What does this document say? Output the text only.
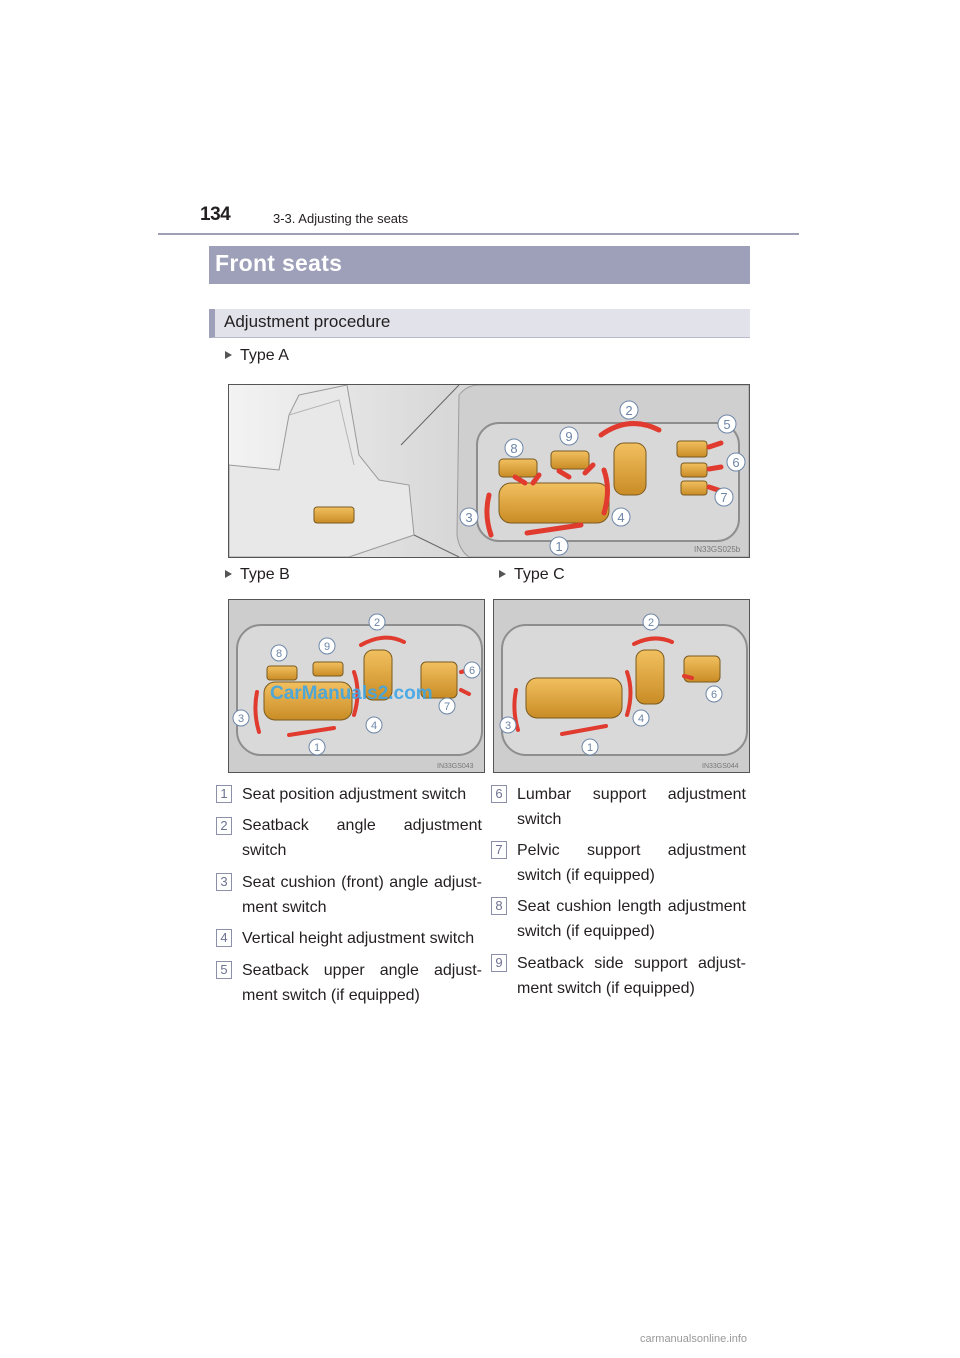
134	3-3. Adjusting the seats
Front seats
Adjustment procedure
Type A
1
2
3	4
5
6
7
8
9
IN33GS025b
Type B	Type C
1
2
3
4
6
7
8
9
IN33GS043
1
2
3
4
6
IN33GS044
CarManuals2.com
1 Seat position adjustment switch
2 Seatback angle adjustment
switch
3 Seat cushion (front) angle adjust-
ment switch
4 Vertical height adjustment switch
5 Seatback upper angle adjust-
ment switch (if equipped)
6 Lumbar support adjustment
switch
7 Pelvic support adjustment
switch (if equipped)
8 Seat cushion length adjustment
switch (if equipped)
9 Seatback side support adjust-
ment switch (if equipped)
carmanualsonline.info
